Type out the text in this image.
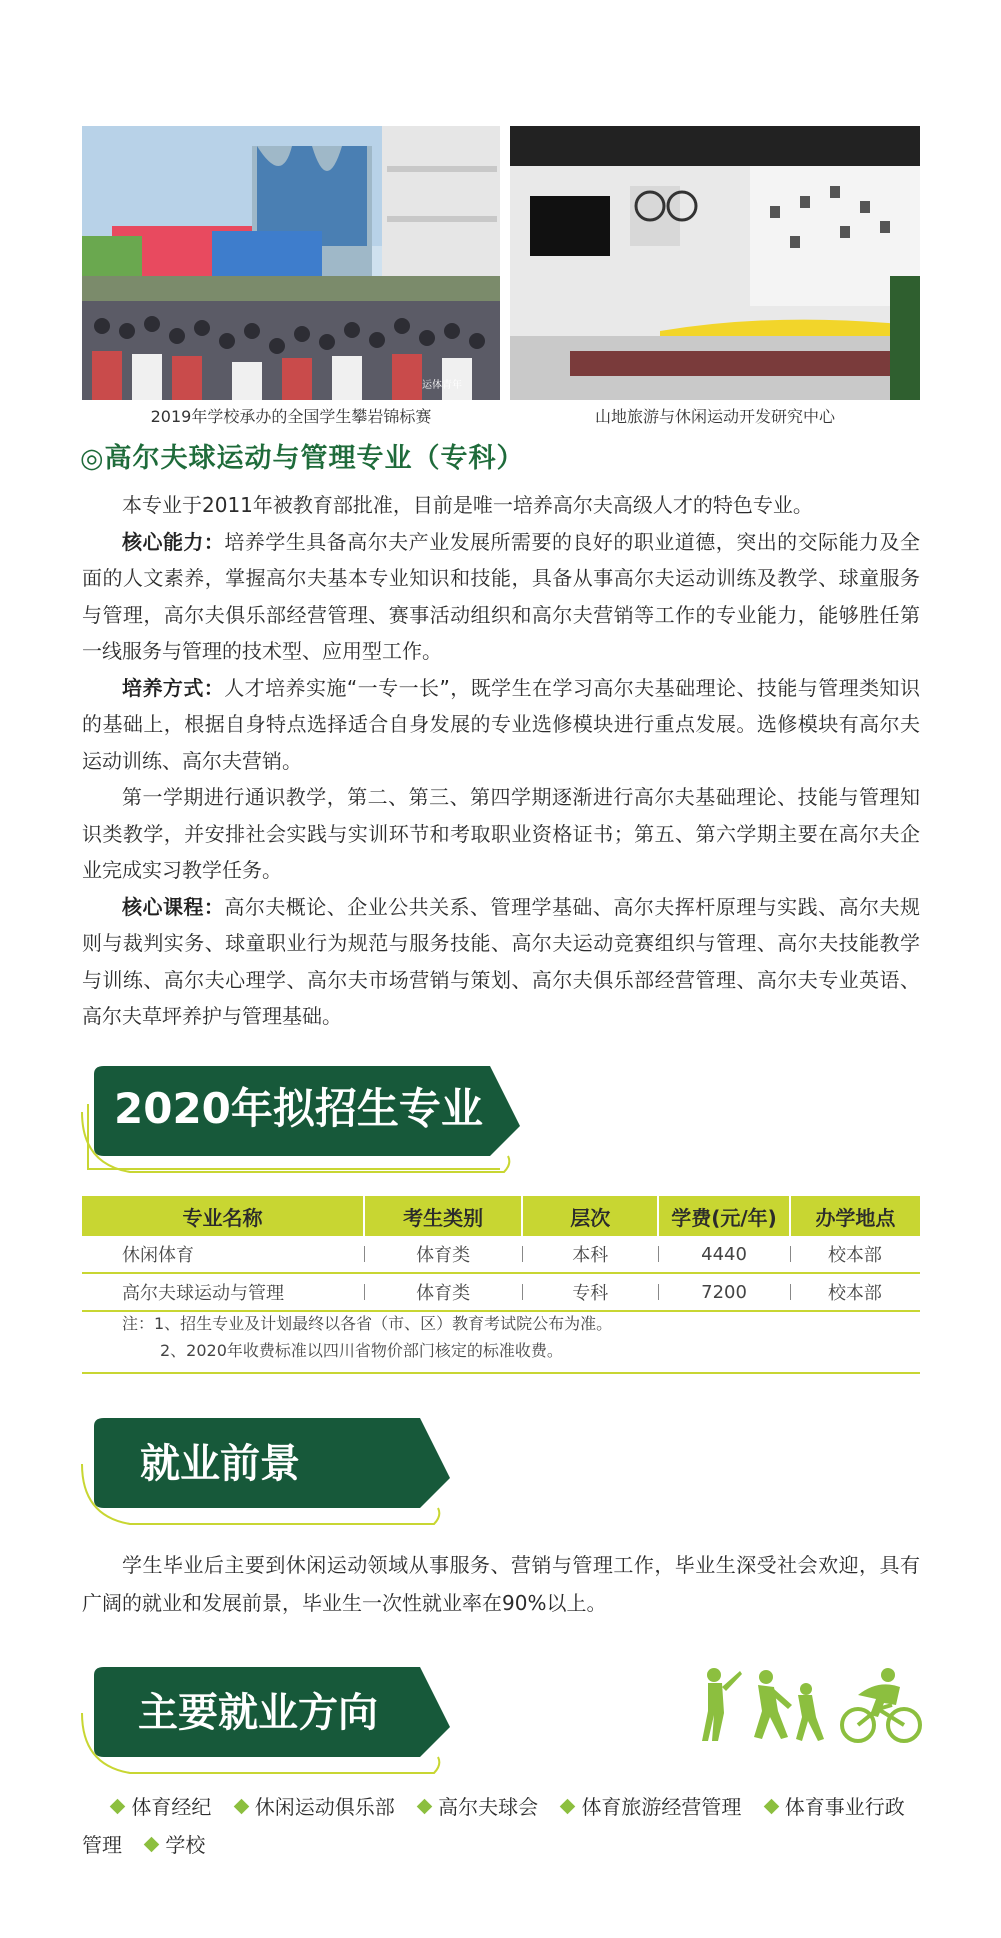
运体青年
2019年学校承办的全国学生攀岩锦标赛	山地旅游与休闲运动开发研究中心
◎高尔夫球运动与管理专业（专科）

本专业于2011年被教育部批准，目前是唯一培养高尔夫高级人才的特色专业。

核心能力：培养学生具备高尔夫产业发展所需要的良好的职业道德，突出的交际能力及全面的人文素养，掌握高尔夫基本专业知识和技能，具备从事高尔夫运动训练及教学、球童服务与管理，高尔夫俱乐部经营管理、赛事活动组织和高尔夫营销等工作的专业能力，能够胜任第一线服务与管理的技术型、应用型工作。

培养方式：人才培养实施“一专一长”，既学生在学习高尔夫基础理论、技能与管理类知识的基础上，根据自身特点选择适合自身发展的专业选修模块进行重点发展。选修模块有高尔夫运动训练、高尔夫营销。

第一学期进行通识教学，第二、第三、第四学期逐渐进行高尔夫基础理论、技能与管理知识类教学，并安排社会实践与实训环节和考取职业资格证书；第五、第六学期主要在高尔夫企业完成实习教学任务。

核心课程：高尔夫概论、企业公共关系、管理学基础、高尔夫挥杆原理与实践、高尔夫规则与裁判实务、球童职业行为规范与服务技能、高尔夫运动竞赛组织与管理、高尔夫技能教学与训练、高尔夫心理学、高尔夫市场营销与策划、高尔夫俱乐部经营管理、高尔夫专业英语、高尔夫草坪养护与管理基础。

2020年拟招生专业
专业名称	考生类别	层次	学费(元/年)	办学地点
休闲体育	体育类	本科	4440	校本部
高尔夫球运动与管理	体育类	专科	7200	校本部
注：1、招生专业及计划最终以各省（市、区）教育考试院公布为准。
2、2020年收费标准以四川省物价部门核定的标准收费。
就业前景

学生毕业后主要到休闲运动领域从事服务、营销与管理工作，毕业生深受社会欢迎，具有广阔的就业和发展前景，毕业生一次性就业率在90%以上。

主要就业方向
体育经纪 休闲运动俱乐部 高尔夫球会 体育旅游经营管理 体育事业行政管理 学校
